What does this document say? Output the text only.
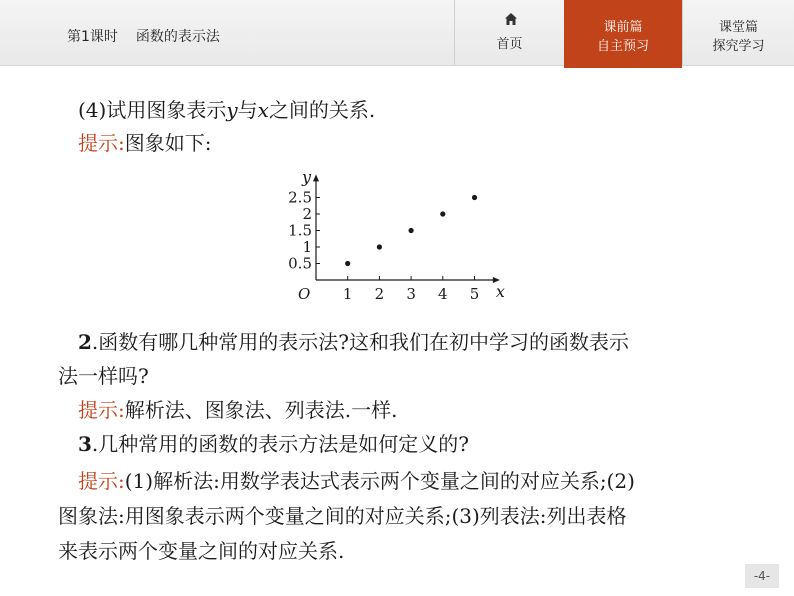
第1课时 函数的表示法	首页
课前篇
自主预习
课堂篇
探究学习
(4)试用图象表示y与x之间的关系.
提示:图象如下:
x
y
O 1 2 3 4 5
0.5
1
1.5
2
2.5
2.函数有哪几种常用的表示法?这和我们在初中学习的函数表示
法一样吗?
提示:解析法、图象法、列表法.一样.
3.几种常用的函数的表示方法是如何定义的?
提示:(1)解析法:用数学表达式表示两个变量之间的对应关系;(2)
图象法:用图象表示两个变量之间的对应关系;(3)列表法:列出表格
来表示两个变量之间的对应关系.
-4-
